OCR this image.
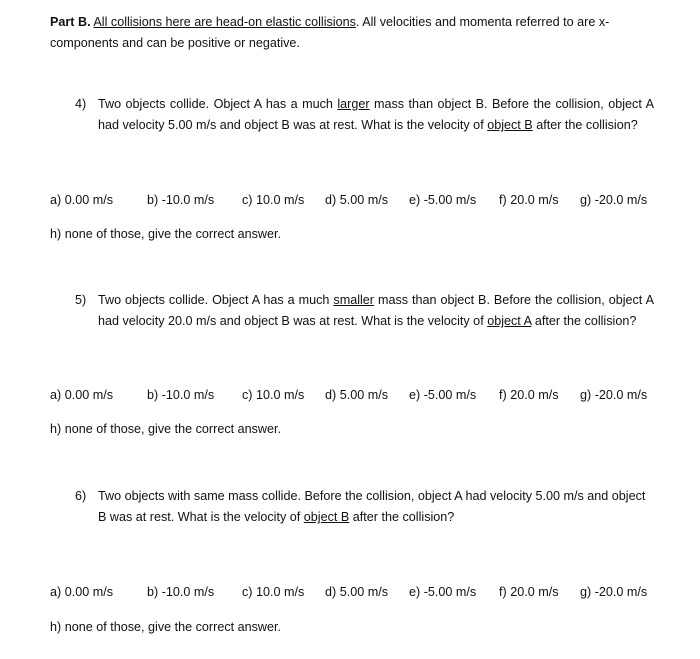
Part B. All collisions here are head-on elastic collisions. All velocities and momenta referred to are x-components and can be positive or negative.
4) Two objects collide. Object A has a much larger mass than object B. Before the collision, object A had velocity 5.00 m/s and object B was at rest. What is the velocity of object B after the collision?
a) 0.00 m/s	b) -10.0 m/s c) 10.0 m/s d) 5.00 m/s e) -5.00 m/s f) 20.0 m/s g) -20.0 m/s
h) none of those, give the correct answer.
5) Two objects collide. Object A has a much smaller mass than object B. Before the collision, object A had velocity 20.0 m/s and object B was at rest. What is the velocity of object A after the collision?
a) 0.00 m/s	b) -10.0 m/s c) 10.0 m/s d) 5.00 m/s e) -5.00 m/s f) 20.0 m/s g) -20.0 m/s
h) none of those, give the correct answer.
6) Two objects with same mass collide. Before the collision, object A had velocity 5.00 m/s and object B was at rest. What is the velocity of object B after the collision?
a) 0.00 m/s	b) -10.0 m/s c) 10.0 m/s d) 5.00 m/s e) -5.00 m/s f) 20.0 m/s g) -20.0 m/s
h) none of those, give the correct answer.
